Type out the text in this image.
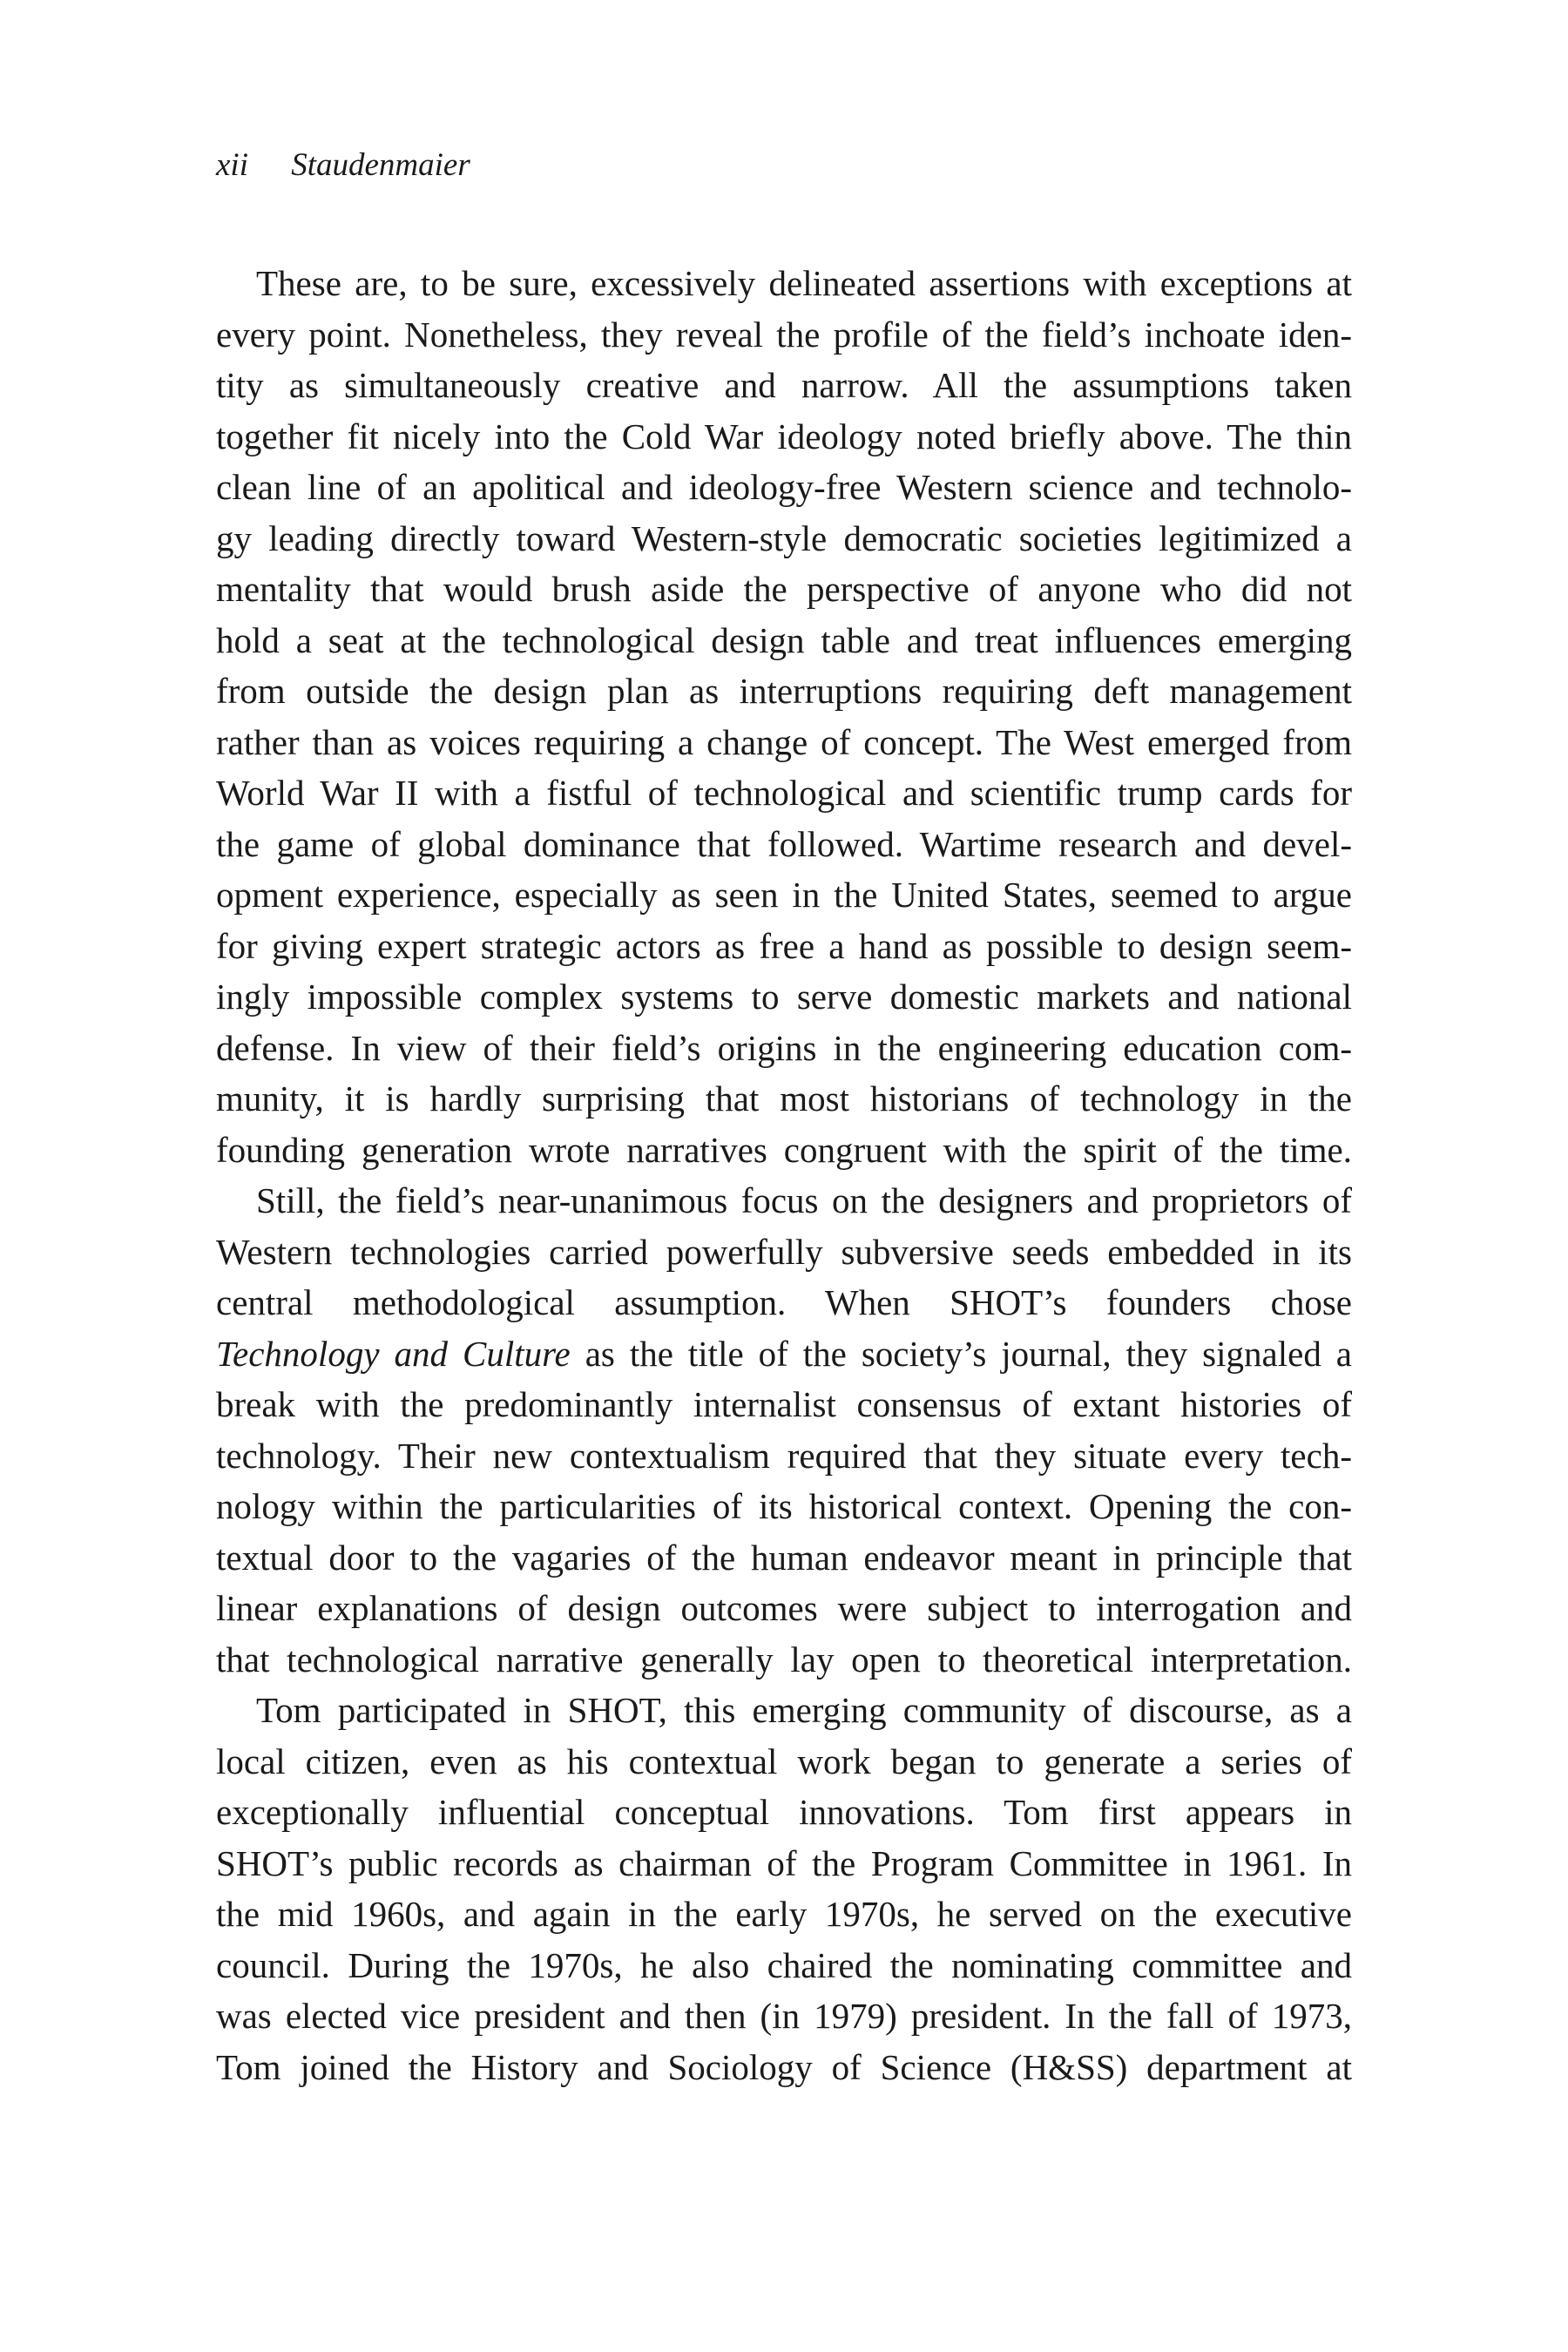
xii Staudenmaier
These are, to be sure, excessively delineated assertions with exceptions at
every point. Nonetheless, they reveal the profile of the field’s inchoate iden-
tity as simultaneously creative and narrow. All the assumptions taken
together fit nicely into the Cold War ideology noted briefly above. The thin
clean line of an apolitical and ideology-free Western science and technolo-
gy leading directly toward Western-style democratic societies legitimized a
mentality that would brush aside the perspective of anyone who did not
hold a seat at the technological design table and treat influences emerging
from outside the design plan as interruptions requiring deft management
rather than as voices requiring a change of concept. The West emerged from
World War II with a fistful of technological and scientific trump cards for
the game of global dominance that followed. Wartime research and devel-
opment experience, especially as seen in the United States, seemed to argue
for giving expert strategic actors as free a hand as possible to design seem-
ingly impossible complex systems to serve domestic markets and national
defense. In view of their field’s origins in the engineering education com-
munity, it is hardly surprising that most historians of technology in the
founding generation wrote narratives congruent with the spirit of the time.
Still, the field’s near-unanimous focus on the designers and proprietors of
Western technologies carried powerfully subversive seeds embedded in its
central methodological assumption. When SHOT’s founders chose
Technology and Culture as the title of the society’s journal, they signaled a
break with the predominantly internalist consensus of extant histories of
technology. Their new contextualism required that they situate every tech-
nology within the particularities of its historical context. Opening the con-
textual door to the vagaries of the human endeavor meant in principle that
linear explanations of design outcomes were subject to interrogation and
that technological narrative generally lay open to theoretical interpretation.
Tom participated in SHOT, this emerging community of discourse, as a
local citizen, even as his contextual work began to generate a series of
exceptionally influential conceptual innovations. Tom first appears in
SHOT’s public records as chairman of the Program Committee in 1961. In
the mid 1960s, and again in the early 1970s, he served on the executive
council. During the 1970s, he also chaired the nominating committee and
was elected vice president and then (in 1979) president. In the fall of 1973,
Tom joined the History and Sociology of Science (H&SS) department at
